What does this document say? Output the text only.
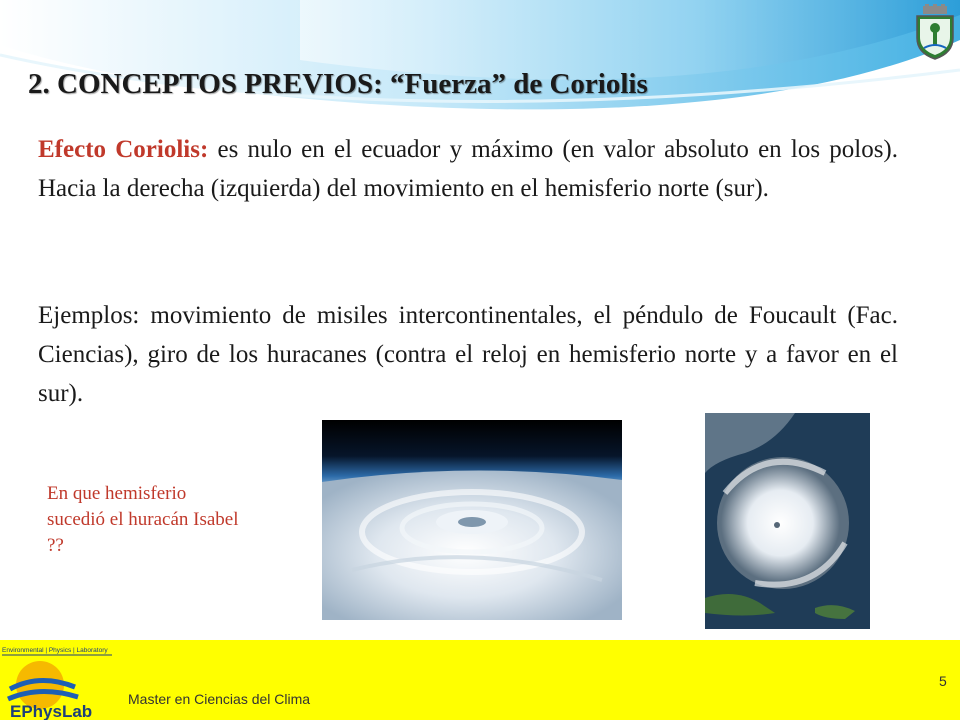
2. CONCEPTOS PREVIOS: “Fuerza” de Coriolis

Efecto Coriolis: es nulo en el ecuador y máximo (en valor absoluto en los polos). Hacia la derecha (izquierda) del movimiento en el hemisferio norte (sur).

Ejemplos: movimiento de misiles intercontinentales, el péndulo de Foucault (Fac. Ciencias), giro de los huracanes (contra el reloj en hemisferio norte y a favor en el sur).

En que hemisferio sucedió el huracán Isabel ??

Environmental | Physics | Laboratory
EPhysLab
Master en Ciencias del Clima
5
